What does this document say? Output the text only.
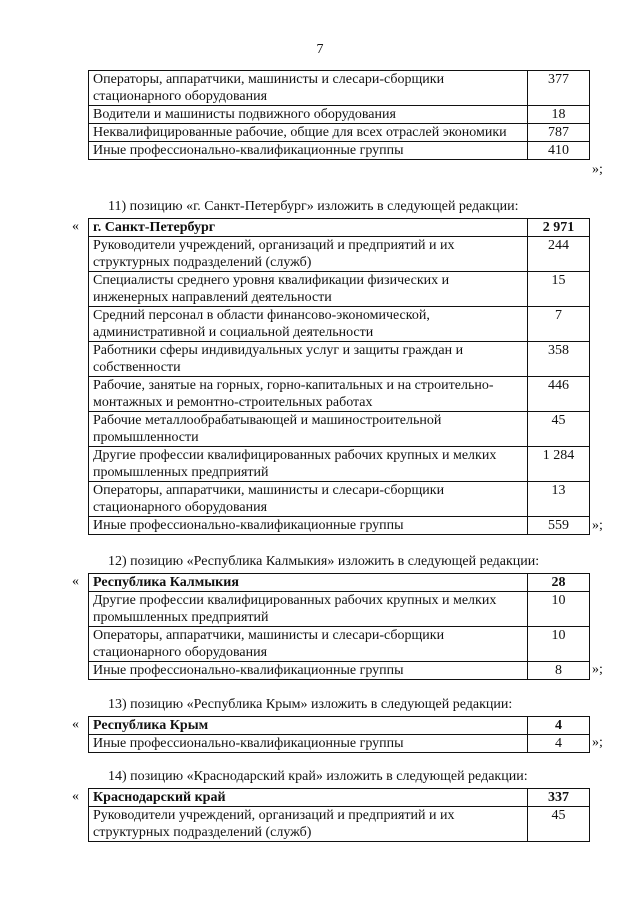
7
Операторы, аппаратчики, машинисты и слесари-сборщики стационарного оборудования	377
Водители и машинисты подвижного оборудования	18
Неквалифицированные рабочие, общие для всех отраслей экономики	787
Иные профессионально-квалификационные группы	410
»;
11) позицию «г. Санкт-Петербург» изложить в следующей редакции:
« г. Санкт-Петербург	2 971
Руководители учреждений, организаций и предприятий и их структурных подразделений (служб)	244
Специалисты среднего уровня квалификации физических и инженерных направлений деятельности	15
Средний персонал в области финансово-экономической, административной и социальной деятельности	7
Работники сферы индивидуальных услуг и защиты граждан и собственности	358
Рабочие, занятые на горных, горно-капитальных и на строительно-монтажных и ремонтно-строительных работах	446
Рабочие металлообрабатывающей и машиностроительной промышленности	45
Другие профессии квалифицированных рабочих крупных и мелких промышленных предприятий	1 284
Операторы, аппаратчики, машинисты и слесари-сборщики стационарного оборудования	13
Иные профессионально-квалификационные группы	559 »;
12) позицию «Республика Калмыкия» изложить в следующей редакции:
« Республика Калмыкия	28
Другие профессии квалифицированных рабочих крупных и мелких промышленных предприятий	10
Операторы, аппаратчики, машинисты и слесари-сборщики стационарного оборудования	10
Иные профессионально-квалификационные группы	8 »;
13) позицию «Республика Крым» изложить в следующей редакции:
« Республика Крым	4
Иные профессионально-квалификационные группы	4 »;
14) позицию «Краснодарский край» изложить в следующей редакции:
« Краснодарский край	337
Руководители учреждений, организаций и предприятий и их структурных подразделений (служб)	45
